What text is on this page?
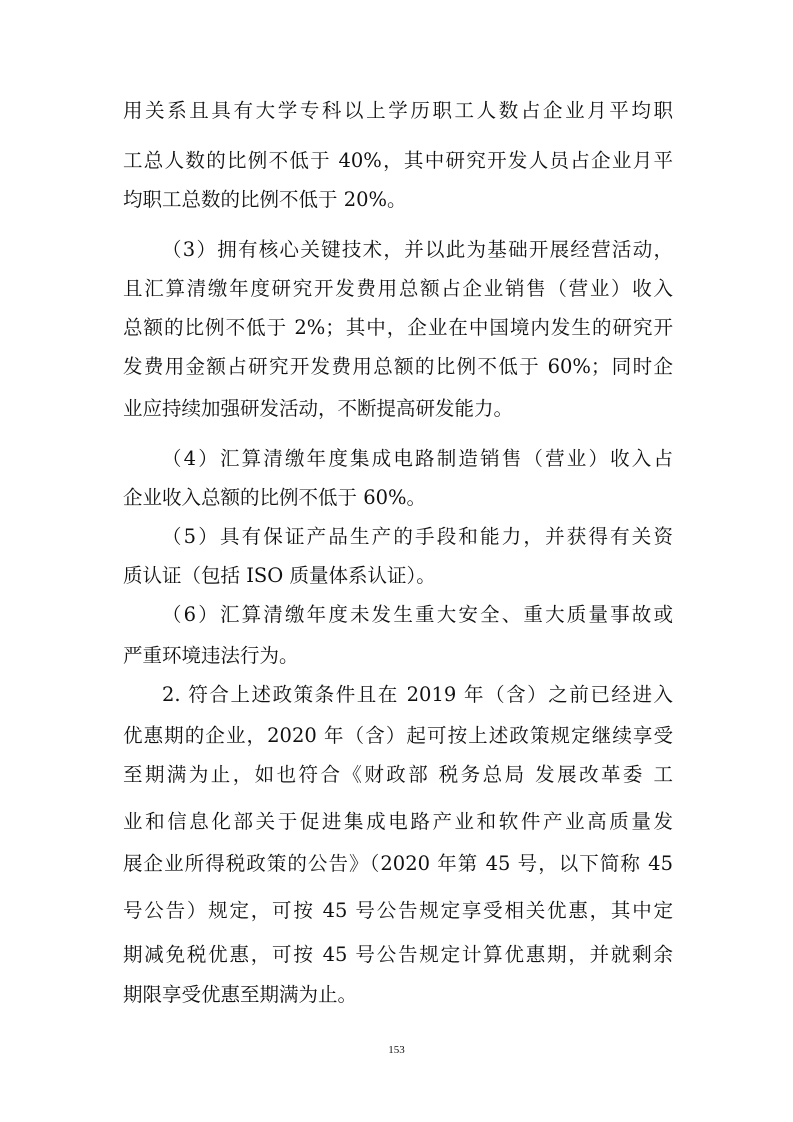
用关系且具有大学专科以上学历职工人数占企业月平均职
工总人数的比例不低于 40%，其中研究开发人员占企业月平
均职工总数的比例不低于 20%。
（3）拥有核心关键技术，并以此为基础开展经营活动，
且汇算清缴年度研究开发费用总额占企业销售（营业）收入
总额的比例不低于 2%；其中，企业在中国境内发生的研究开
发费用金额占研究开发费用总额的比例不低于 60%；同时企
业应持续加强研发活动，不断提高研发能力。
（4）汇算清缴年度集成电路制造销售（营业）收入占
企业收入总额的比例不低于 60%。
（5）具有保证产品生产的手段和能力，并获得有关资
质认证（包括 ISO 质量体系认证）。
（6）汇算清缴年度未发生重大安全、重大质量事故或
严重环境违法行为。
2. 符合上述政策条件且在 2019 年（含）之前已经进入
优惠期的企业，2020 年（含）起可按上述政策规定继续享受
至期满为止，如也符合《财政部 税务总局 发展改革委 工
业和信息化部关于促进集成电路产业和软件产业高质量发
展企业所得税政策的公告》（2020 年第 45 号，以下简称 45
号公告）规定，可按 45 号公告规定享受相关优惠，其中定
期减免税优惠，可按 45 号公告规定计算优惠期，并就剩余
期限享受优惠至期满为止。
153
